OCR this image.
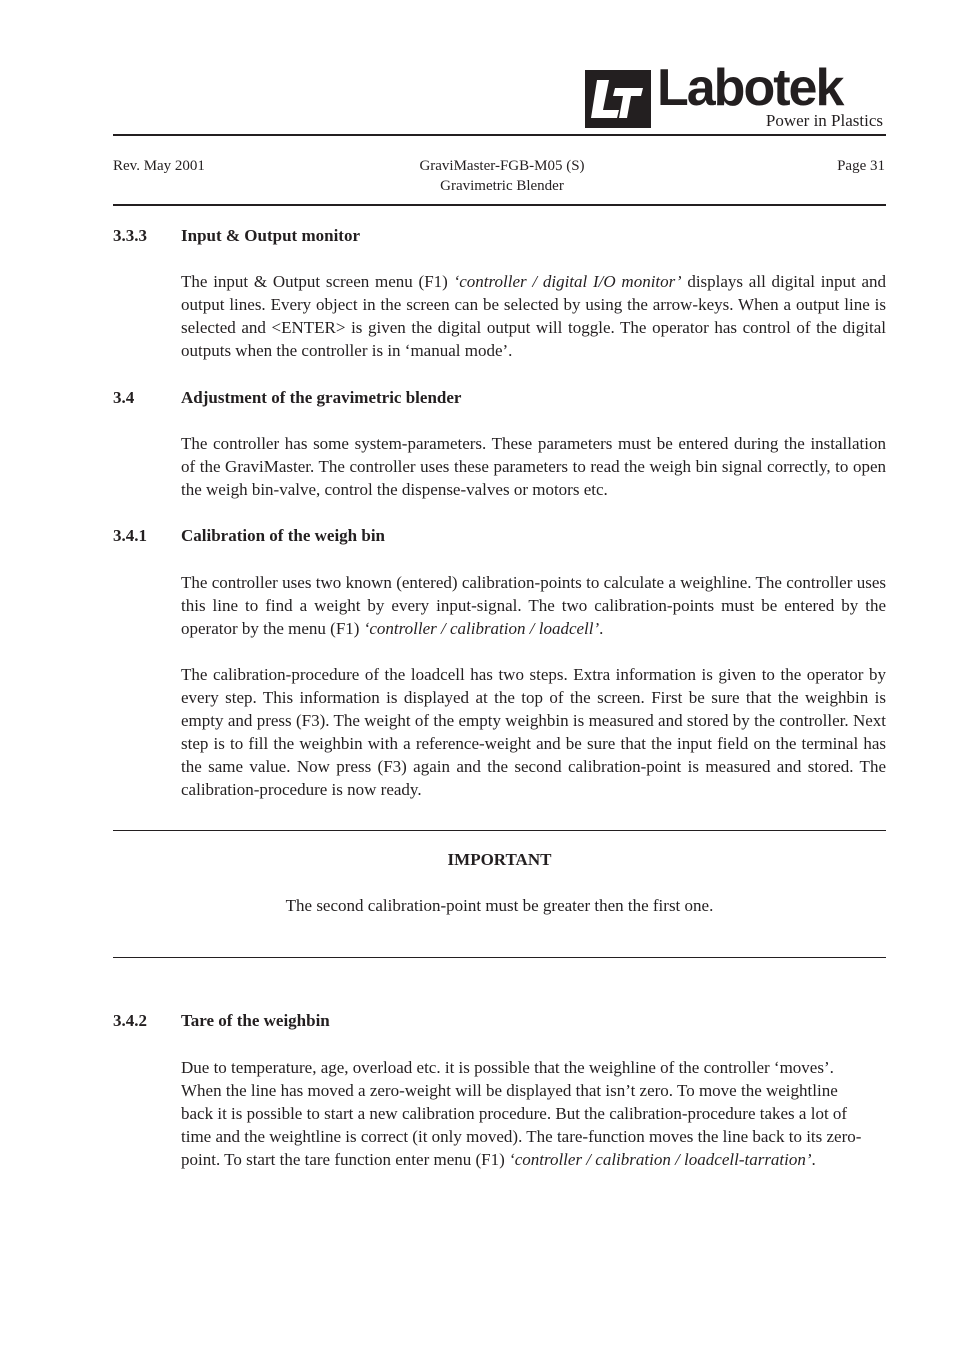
Labotek
Power in Plastics
Rev. May 2001	GraviMaster-FGB-M05 (S)
Gravimetric Blender
Page 31
3.3.3 Input & Output monitor
The input & Output screen menu (F1) ‘controller / digital I/O monitor’ displays all digital input and output lines. Every object in the screen can be selected by using the arrow-keys. When a output line is selected and <ENTER> is given the digital output will toggle. The operator has control of the digital outputs when the controller is in ‘manual mode’.
3.4	Adjustment of the gravimetric blender
The controller has some system-parameters. These parameters must be entered during the installation of the GraviMaster. The controller uses these parameters to read the weigh bin signal correctly, to open the weigh bin-valve, control the dispense-valves or motors etc.
3.4.1 Calibration of the weigh bin
The controller uses two known (entered) calibration-points to calculate a weighline. The controller uses this line to find a weight by every input-signal. The two calibration-points must be entered by the operator by the menu (F1) ‘controller / calibration / loadcell’.
The calibration-procedure of the loadcell has two steps. Extra information is given to the operator by every step. This information is displayed at the top of the screen. First be sure that the weighbin is empty and press (F3). The weight of the empty weighbin is measured and stored by the controller. Next step is to fill the weighbin with a reference-weight and be sure that the input field on the terminal has the same value. Now press (F3) again and the second calibration-point is measured and stored. The calibration-procedure is now ready.
IMPORTANT
The second calibration-point must be greater then the first one.
3.4.2 Tare of the weighbin
Due to temperature, age, overload etc. it is possible that the weighline of the controller ‘moves’. When the line has moved a zero-weight will be displayed that isn’t zero. To move the weightline back it is possible to start a new calibration procedure. But the calibration-procedure takes a lot of time and the weightline is correct (it only moved). The tare-function moves the line back to its zero-point. To start the tare function enter menu (F1) ‘controller / calibration / loadcell-tarration’.
